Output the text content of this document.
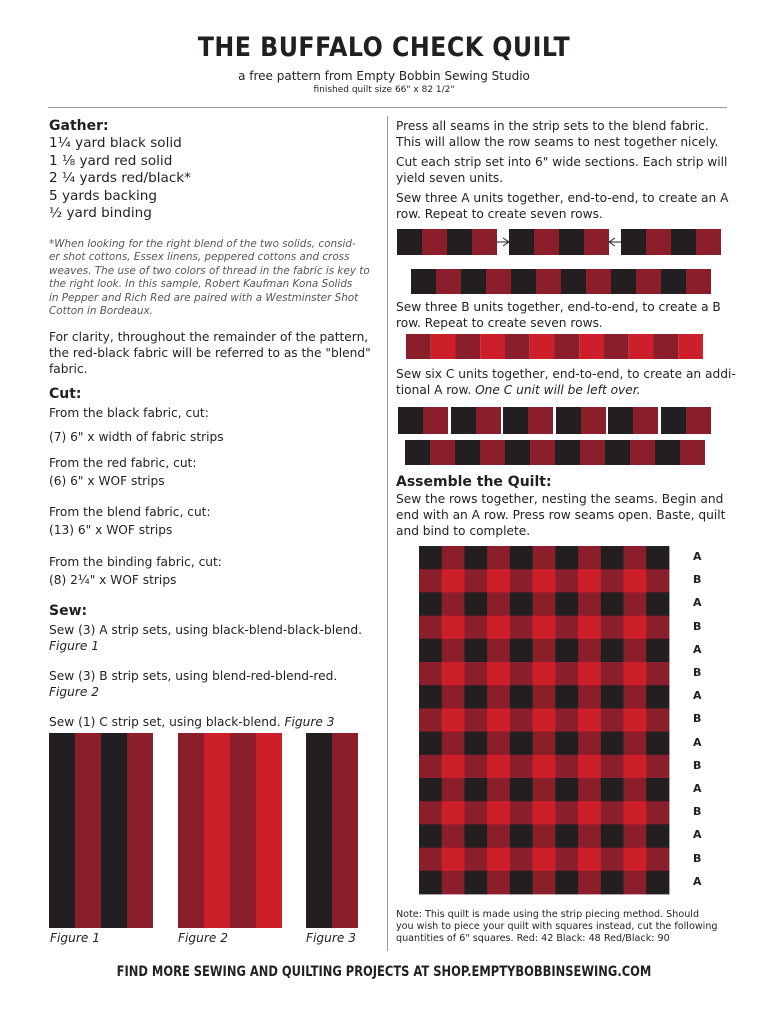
THE BUFFALO CHECK QUILT
a free pattern from Empty Bobbin Sewing Studio
finished quilt size 66" x 82 1/2"
Gather:
1¼ yard black solid
1 ⅛ yard red solid
2 ¼ yards red/black*
5 yards backing
½ yard binding
*When looking for the right blend of the two solids, consid-
er shot cottons, Essex linens, peppered cottons and cross
weaves. The use of two colors of thread in the fabric is key to
the right look. In this sample, Robert Kaufman Kona Solids
in Pepper and Rich Red are paired with a Westminster Shot
Cotton in Bordeaux.
For clarity, throughout the remainder of the pattern,
the red-black fabric will be referred to as the "blend"
fabric.
Cut:
From the black fabric, cut:
(7) 6" x width of fabric strips
From the red fabric, cut:
(6) 6" x WOF strips
From the blend fabric, cut:
(13) 6" x WOF strips
From the binding fabric, cut:
(8) 2¼" x WOF strips
Sew:
Sew (3) A strip sets, using black-blend-black-blend.
Figure 1
Sew (3) B strip sets, using blend-red-blend-red.
Figure 2
Sew (1) C strip set, using black-blend. Figure 3
Figure 1	Figure 2	Figure 3
Press all seams in the strip sets to the blend fabric.
This will allow the row seams to nest together nicely.
Cut each strip set into 6" wide sections. Each strip will
yield seven units.
Sew three A units together, end-to-end, to create an A
row. Repeat to create seven rows.
Sew three B units together, end-to-end, to create a B
row. Repeat to create seven rows.
Sew six C units together, end-to-end, to create an addi-
tional A row. One C unit will be left over.
Assemble the Quilt:
Sew the rows together, nesting the seams. Begin and
end with an A row. Press row seams open. Baste, quilt
and bind to complete.
A
B
A
B
A
B
A
B
A
B
A
B
A
B
A
Note: This quilt is made using the strip piecing method. Should
you wish to piece your quilt with squares instead, cut the following
quantities of 6" squares. Red: 42 Black: 48 Red/Black: 90
FIND MORE SEWING AND QUILTING PROJECTS AT SHOP.EMPTYBOBBINSEWING.COM
